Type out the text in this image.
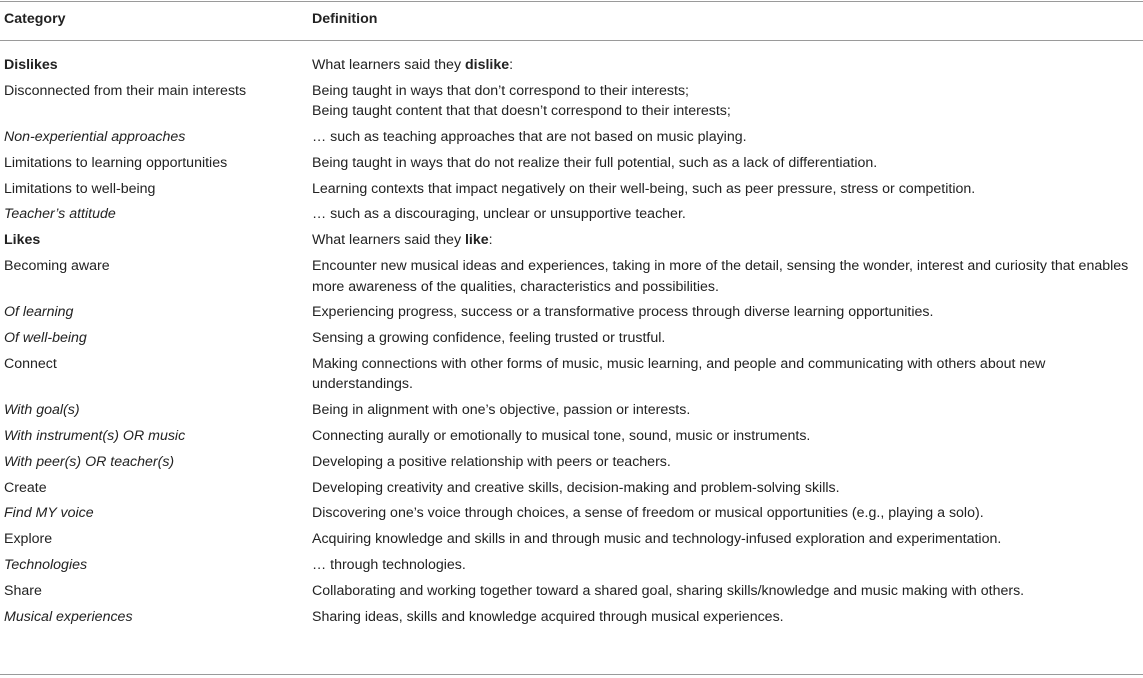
Category	Definition
Dislikes	What learners said they dislike:
Disconnected from their main interests	Being taught in ways that don’t correspond to their interests;
Being taught content that that doesn’t correspond to their interests;
Non-experiential approaches	… such as teaching approaches that are not based on music playing.
Limitations to learning opportunities	Being taught in ways that do not realize their full potential, such as a lack of differentiation.
Limitations to well-being	Learning contexts that impact negatively on their well-being, such as peer pressure, stress or competition.
Teacher’s attitude	… such as a discouraging, unclear or unsupportive teacher.
Likes	What learners said they like:
Becoming aware	Encounter new musical ideas and experiences, taking in more of the detail, sensing the wonder, interest and curiosity that enables more awareness of the qualities, characteristics and possibilities.
Of learning	Experiencing progress, success or a transformative process through diverse learning opportunities.
Of well-being	Sensing a growing confidence, feeling trusted or trustful.
Connect	Making connections with other forms of music, music learning, and people and communicating with others about new understandings.
With goal(s)	Being in alignment with one’s objective, passion or interests.
With instrument(s) OR music	Connecting aurally or emotionally to musical tone, sound, music or instruments.
With peer(s) OR teacher(s)	Developing a positive relationship with peers or teachers.
Create	Developing creativity and creative skills, decision-making and problem-solving skills.
Find MY voice	Discovering one’s voice through choices, a sense of freedom or musical opportunities (e.g., playing a solo).
Explore	Acquiring knowledge and skills in and through music and technology-infused exploration and experimentation.
Technologies	… through technologies.
Share	Collaborating and working together toward a shared goal, sharing skills/knowledge and music making with others.
Musical experiences	Sharing ideas, skills and knowledge acquired through musical experiences.
